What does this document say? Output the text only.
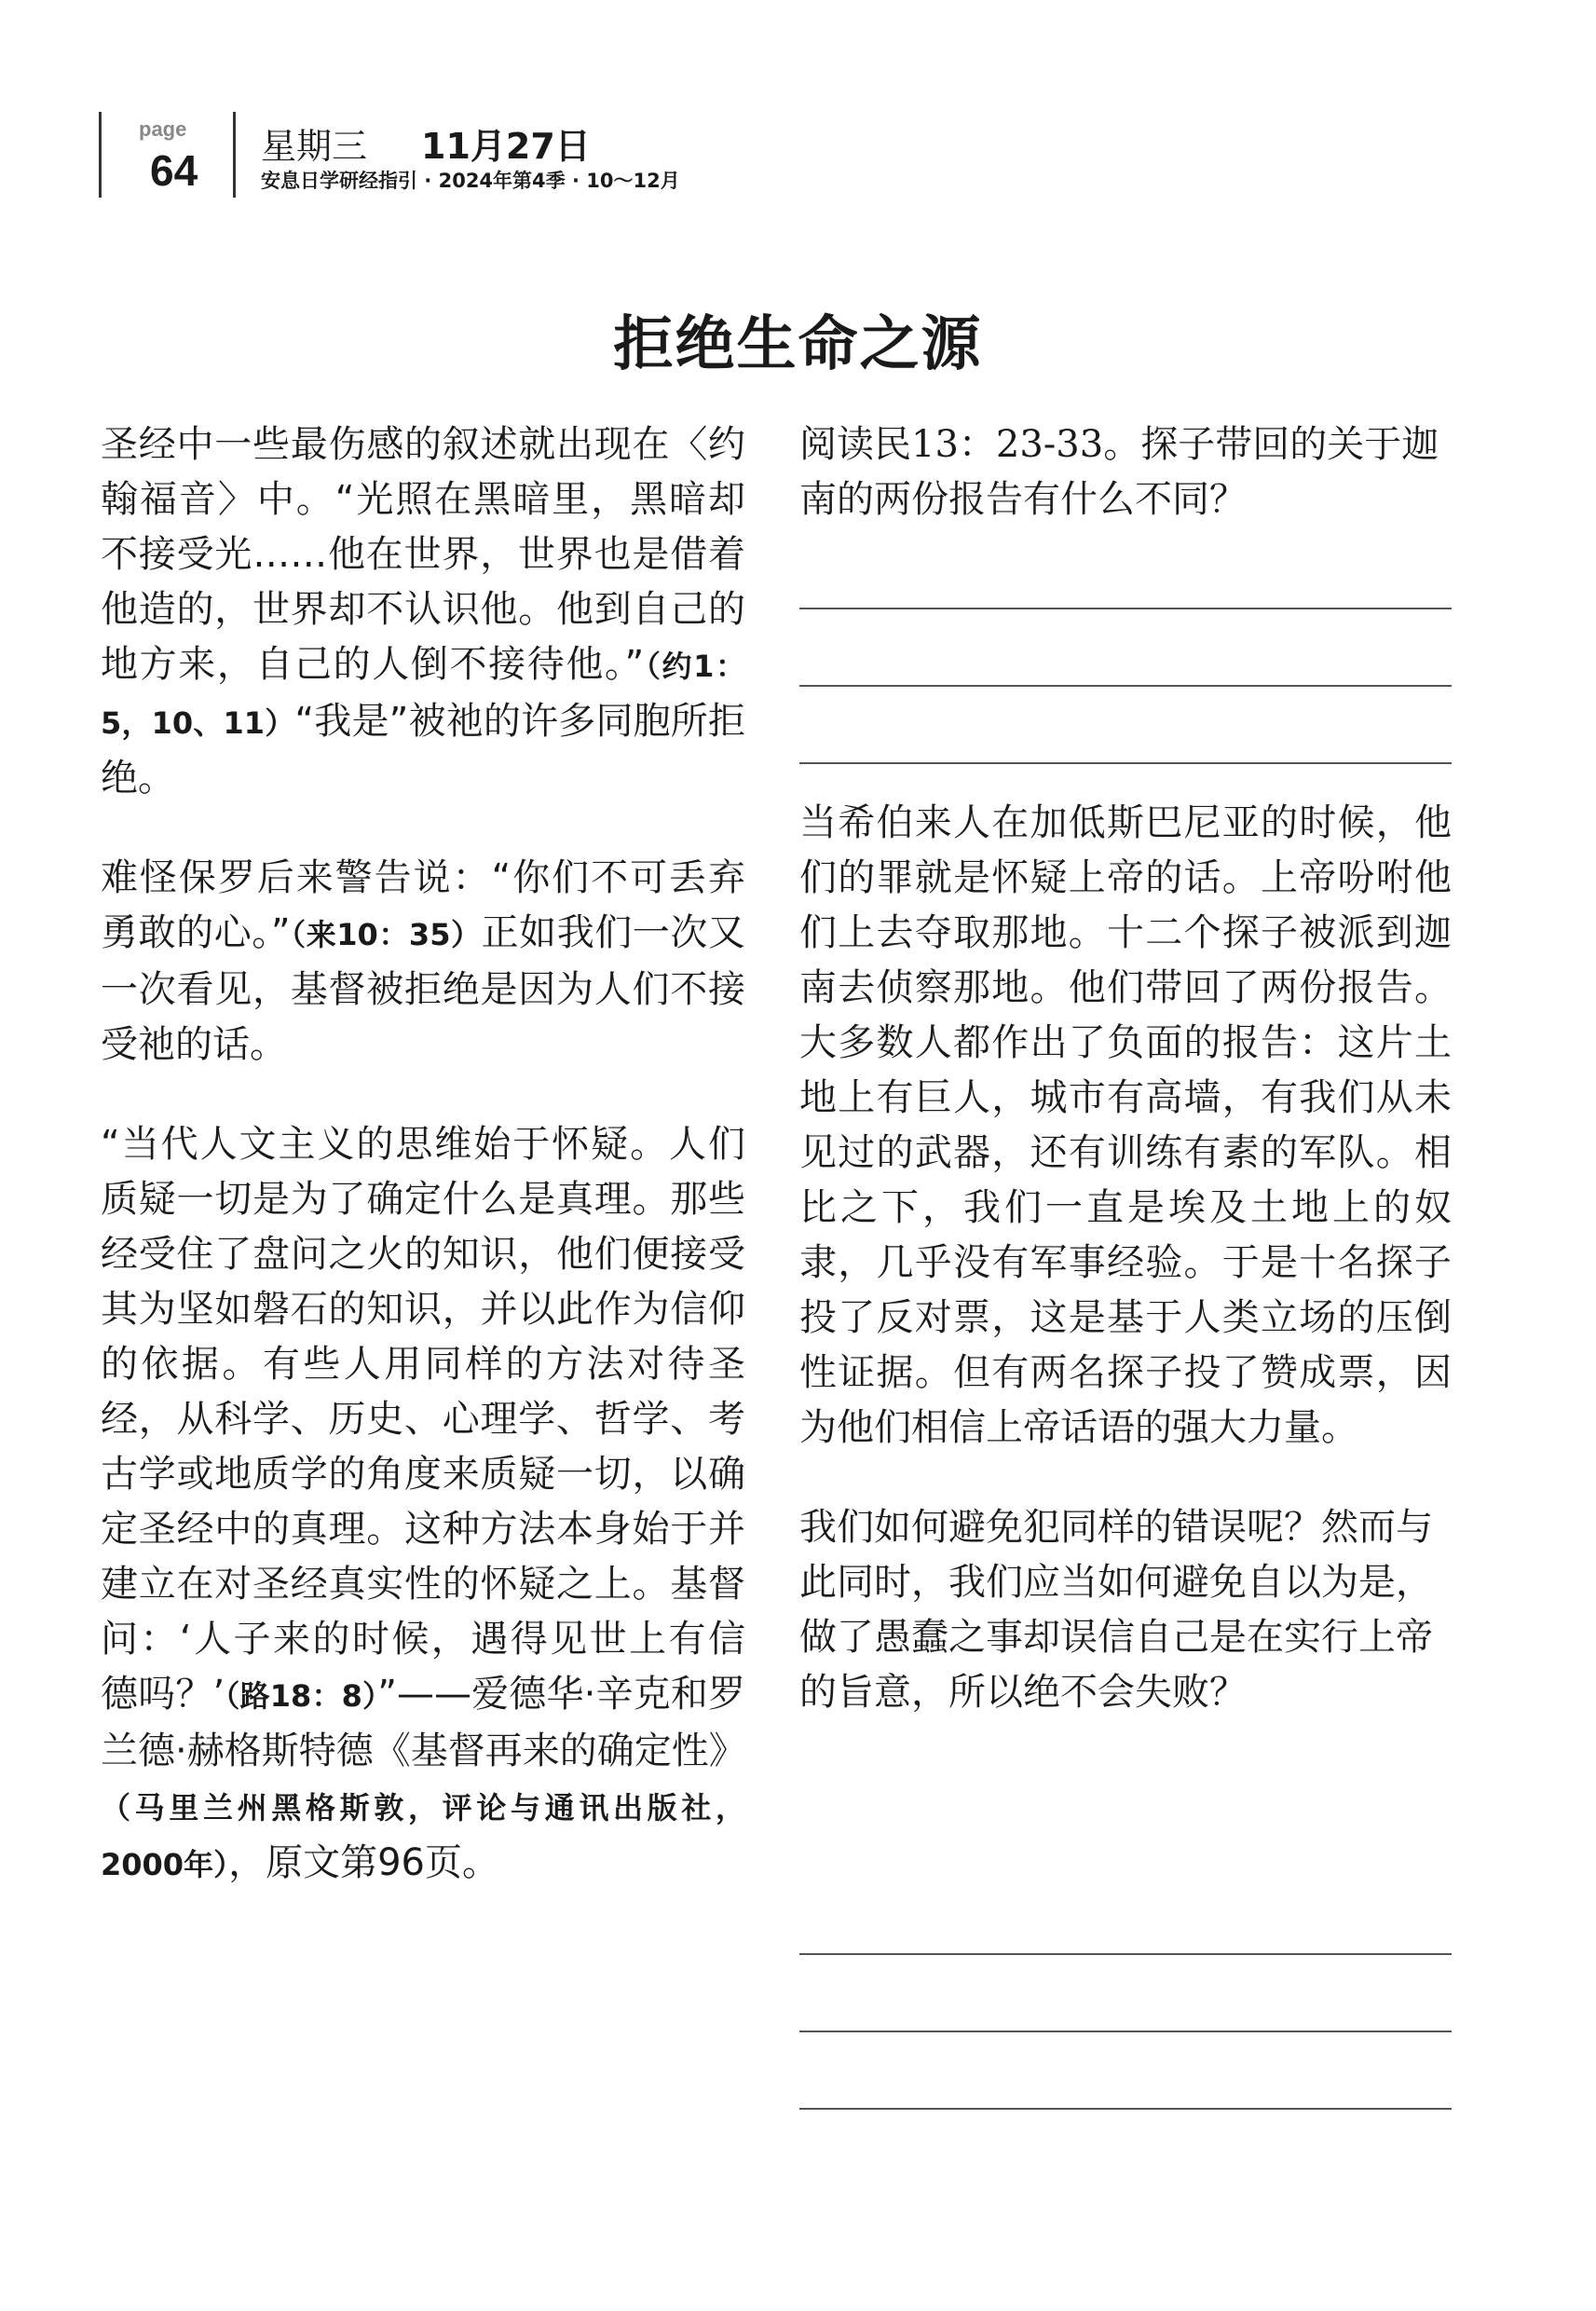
page
64 星期三 11月27日
安息日学研经指引 · 2024年第4季 · 10～12月
拒绝生命之源

圣经中一些最伤感的叙述就出现在〈约翰福音〉中。“光照在黑暗里，黑暗却不接受光……他在世界，世界也是借着他造的，世界却不认识他。他到自己的地方来，自己的人倒不接待他。”（约1：5，10、11）“我是”被祂的许多同胞所拒绝。

难怪保罗后来警告说：“你们不可丢弃勇敢的心。”（来10：35）正如我们一次又一次看见，基督被拒绝是因为人们不接受祂的话。

“当代人文主义的思维始于怀疑。人们质疑一切是为了确定什么是真理。那些经受住了盘问之火的知识，他们便接受其为坚如磐石的知识，并以此作为信仰的依据。有些人用同样的方法对待圣经，从科学、历史、心理学、哲学、考古学或地质学的角度来质疑一切，以确定圣经中的真理。这种方法本身始于并建立在对圣经真实性的怀疑之上。基督问：‘人子来的时候，遇得见世上有信德吗？’（路18：8）”——爱德华·辛克和罗兰德·赫格斯特德《基督再来的确定性》（马里兰州黑格斯敦，评论与通讯出版社，2000年），原文第96页。

阅读民13：23-33。探子带回的关于迦南的两份报告有什么不同？

当希伯来人在加低斯巴尼亚的时候，他们的罪就是怀疑上帝的话。上帝吩咐他们上去夺取那地。十二个探子被派到迦南去侦察那地。他们带回了两份报告。大多数人都作出了负面的报告：这片土地上有巨人，城市有高墙，有我们从未见过的武器，还有训练有素的军队。相比之下，我们一直是埃及土地上的奴隶，几乎没有军事经验。于是十名探子投了反对票，这是基于人类立场的压倒性证据。但有两名探子投了赞成票，因为他们相信上帝话语的强大力量。

我们如何避免犯同样的错误呢？然而与此同时，我们应当如何避免自以为是，做了愚蠢之事却误信自己是在实行上帝的旨意，所以绝不会失败？
